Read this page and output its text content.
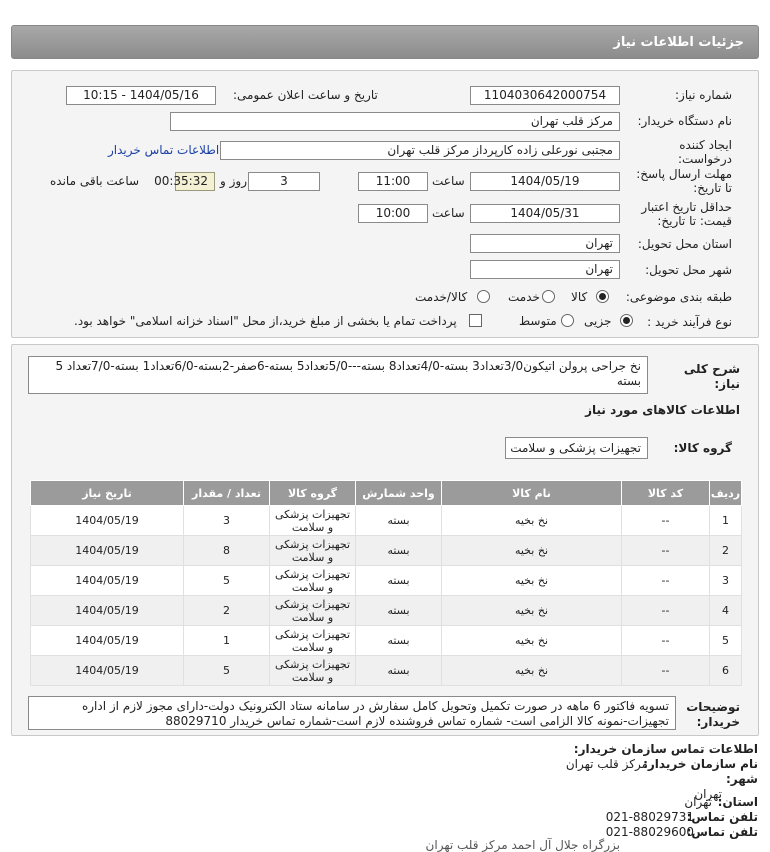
جزئیات اطلاعات نیاز
شماره نیاز:
1104030642000754
تاریخ و ساعت اعلان عمومی:
1404/05/16 - 10:15
نام دستگاه خریدار:
مرکز قلب تهران
ایجاد کننده
درخواست:
مجتبی نورعلی زاده کارپرداز مرکز قلب تهران
اطلاعات تماس خریدار
مهلت ارسال پاسخ:
تا تاریخ:
1404/05/19
ساعت
11:00
3
روز و
00:35:32
ساعت باقی مانده
حداقل تاریخ اعتبار
قیمت: تا تاریخ:
1404/05/31
ساعت
10:00
استان محل تحویل:
تهران
شهر محل تحویل:
تهران
طبقه بندی موضوعی:
کالا
خدمت
کالا/خدمت
نوع فرآیند خرید :
جزیی
متوسط
پرداخت تمام یا بخشی از مبلغ خرید،از محل "اسناد خزانه اسلامی" خواهد بود.
شرح کلی
نیاز:
نخ جراحی پرولن اتیکون3/0تعداد3 بسته-4/0تعداد8 بسته---5/0تعداد5 بسته-6صفر-2بسته-6/0تعداد1 بسته-7/0تعداد 5 بسته
اطلاعات کالاهای مورد نیاز
گروه کالا:
تجهیزات پزشکی و سلامت
ردیف	کد کالا	نام کالا	واحد شمارش	گروه کالا	تعداد / مقدار	تاریخ نیاز
1	--	نخ بخیه	بسته	تجهیزات پزشکی و سلامت	3	1404/05/19
2	--	نخ بخیه	بسته	تجهیزات پزشکی و سلامت	8	1404/05/19
3	--	نخ بخیه	بسته	تجهیزات پزشکی و سلامت	5	1404/05/19
4	--	نخ بخیه	بسته	تجهیزات پزشکی و سلامت	2	1404/05/19
5	--	نخ بخیه	بسته	تجهیزات پزشکی و سلامت	1	1404/05/19
6	--	نخ بخیه	بسته	تجهیزات پزشکی و سلامت	5	1404/05/19
توضیحات
خریدار:
تسویه فاکتور 6 ماهه در صورت تکمیل وتحویل کامل سفارش در سامانه ستاد الکترونیک دولت-دارای مجوز لازم از اداره تجهیزات-نمونه کالا الزامی است- شماره تماس فروشنده لازم است-شماره تماس خریدار 88029710
اطلاعات تماس سازمان خریدار:
نام سازمان خریدار:
مرکز قلب تهران
شهر:
تهران
استان:
تهران
تلفن تماس:
021-88029731
تلفن تماس:
021-88029600
بزرگراه جلال آل احمد مرکز قلب تهران
